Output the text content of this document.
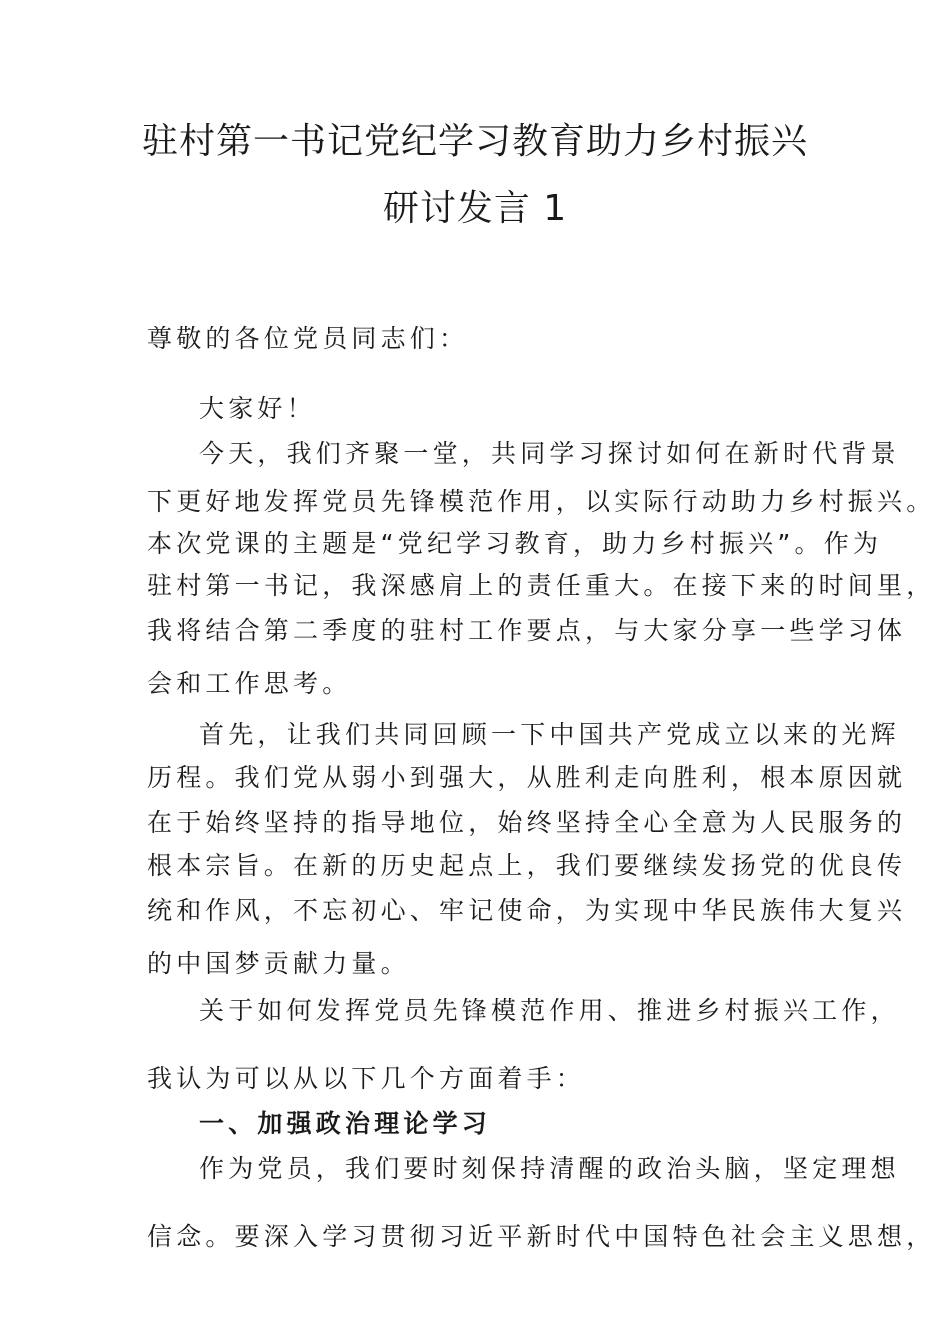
驻村第一书记党纪学习教育助力乡村振兴
研讨发言 1

尊敬的各位党员同志们：

大家好！

今天，我们齐聚一堂，共同学习探讨如何在新时代背景

下更好地发挥党员先锋模范作用，以实际行动助力乡村振兴。

本次党课的主题是“党纪学习教育，助力乡村振兴”。作为

驻村第一书记，我深感肩上的责任重大。在接下来的时间里，

我将结合第二季度的驻村工作要点，与大家分享一些学习体

会和工作思考。

首先，让我们共同回顾一下中国共产党成立以来的光辉

历程。我们党从弱小到强大，从胜利走向胜利，根本原因就

在于始终坚持的指导地位，始终坚持全心全意为人民服务的

根本宗旨。在新的历史起点上，我们要继续发扬党的优良传

统和作风，不忘初心、牢记使命，为实现中华民族伟大复兴

的中国梦贡献力量。

关于如何发挥党员先锋模范作用、推进乡村振兴工作，

我认为可以从以下几个方面着手：

一、加强政治理论学习

作为党员，我们要时刻保持清醒的政治头脑，坚定理想

信念。要深入学习贯彻习近平新时代中国特色社会主义思想，
